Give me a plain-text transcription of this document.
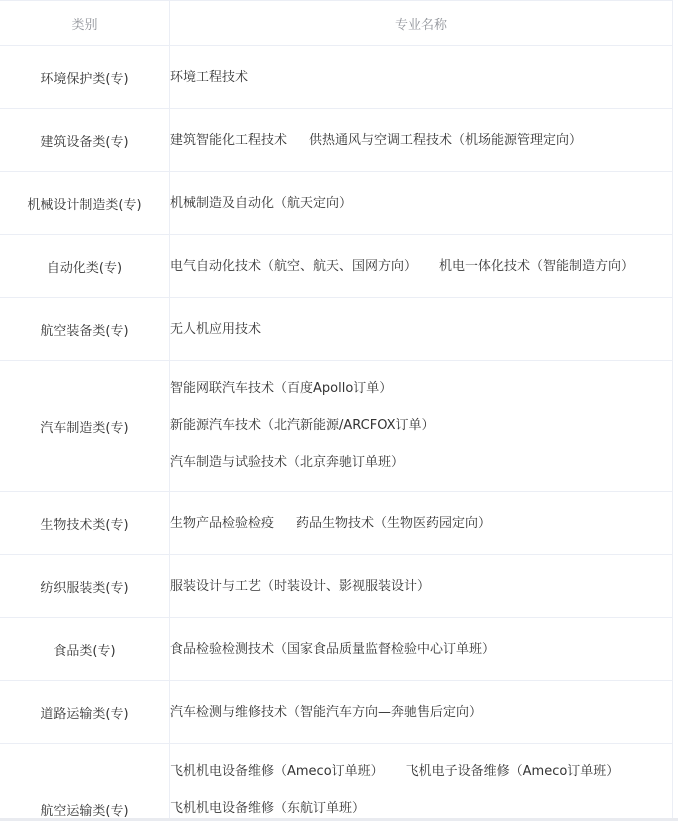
类别	专业名称
环境保护类(专)	环境工程技术

建筑设备类(专)	建筑智能化工程技术 供热通风与空调工程技术（机场能源管理定向）

机械设计制造类(专)	机械制造及自动化（航天定向）

自动化类(专)	电气自动化技术（航空、航天、国网方向） 机电一体化技术（智能制造方向）

航空装备类(专)	无人机应用技术

汽车制造类(专)	智能网联汽车技术（百度Apollo订单）
新能源汽车技术（北汽新能源/ARCFOX订单）
汽车制造与试验技术（北京奔驰订单班）

生物技术类(专)	生物产品检验检疫 药品生物技术（生物医药园定向）

纺织服装类(专)	服装设计与工艺（时装设计、影视服装设计）

食品类(专)	食品检验检测技术（国家食品质量监督检验中心订单班）

道路运输类(专)	汽车检测与维修技术（智能汽车方向—奔驰售后定向）

航空运输类(专)	飞机机电设备维修（Ameco订单班） 飞机电子设备维修（Ameco订单班）
飞机机电设备维修（东航订单班）
